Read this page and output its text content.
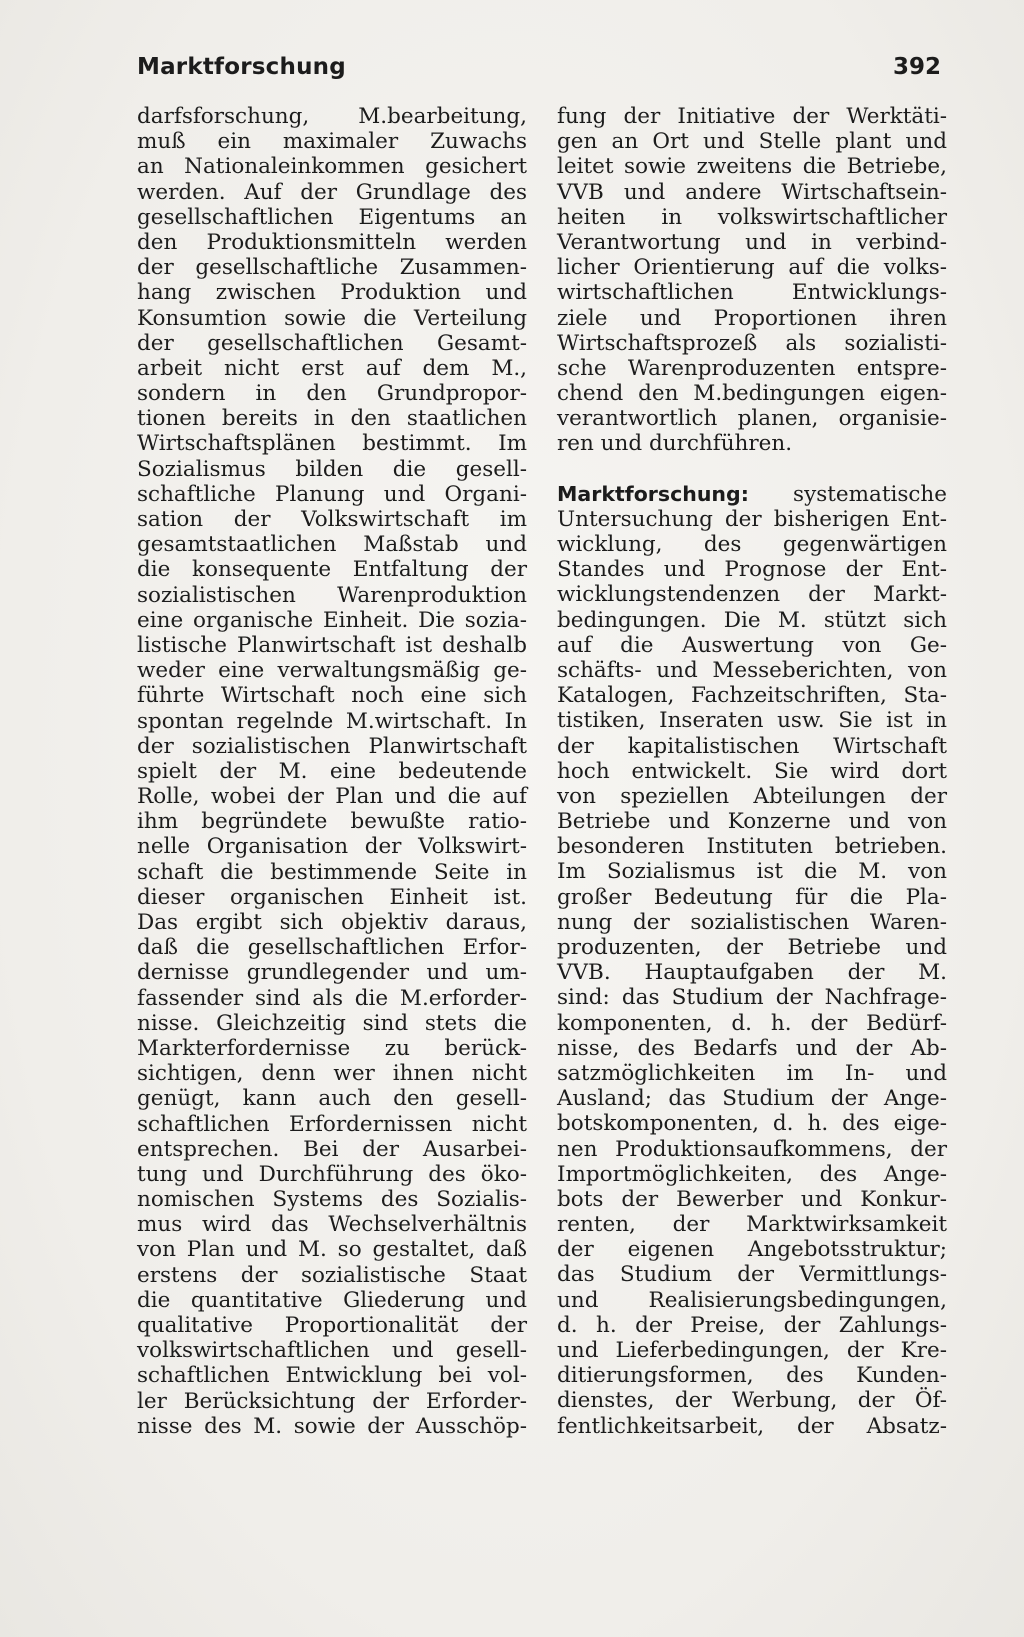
Marktforschung	392
darfsforschung, M.bearbeitung,
muß ein maximaler Zuwachs
an Nationaleinkommen gesichert
werden. Auf der Grundlage des
gesellschaftlichen Eigentums an
den Produktionsmitteln werden
der gesellschaftliche Zusammen-
hang zwischen Produktion und
Konsumtion sowie die Verteilung
der gesellschaftlichen Gesamt-
arbeit nicht erst auf dem M.,
sondern in den Grundpropor-
tionen bereits in den staatlichen
Wirtschaftsplänen bestimmt. Im
Sozialismus bilden die gesell-
schaftliche Planung und Organi-
sation der Volkswirtschaft im
gesamtstaatlichen Maßstab und
die konsequente Entfaltung der
sozialistischen Warenproduktion
eine organische Einheit. Die sozia-
listische Planwirtschaft ist deshalb
weder eine verwaltungsmäßig ge-
führte Wirtschaft noch eine sich
spontan regelnde M.wirtschaft. In
der sozialistischen Planwirtschaft
spielt der M. eine bedeutende
Rolle, wobei der Plan und die auf
ihm begründete bewußte ratio-
nelle Organisation der Volkswirt-
schaft die bestimmende Seite in
dieser organischen Einheit ist.
Das ergibt sich objektiv daraus,
daß die gesellschaftlichen Erfor-
dernisse grundlegender und um-
fassender sind als die M.erforder-
nisse. Gleichzeitig sind stets die
Markterfordernisse zu berück-
sichtigen, denn wer ihnen nicht
genügt, kann auch den gesell-
schaftlichen Erfordernissen nicht
entsprechen. Bei der Ausarbei-
tung und Durchführung des öko-
nomischen Systems des Sozialis-
mus wird das Wechselverhältnis
von Plan und M. so gestaltet, daß
erstens der sozialistische Staat
die quantitative Gliederung und
qualitative Proportionalität der
volkswirtschaftlichen und gesell-
schaftlichen Entwicklung bei vol-
ler Berücksichtung der Erforder-
nisse des M. sowie der Ausschöp-
fung der Initiative der Werktäti-
gen an Ort und Stelle plant und
leitet sowie zweitens die Betriebe,
VVB und andere Wirtschaftsein-
heiten in volkswirtschaftlicher
Verantwortung und in verbind-
licher Orientierung auf die volks-
wirtschaftlichen Entwicklungs-
ziele und Proportionen ihren
Wirtschaftsprozeß als sozialisti-
sche Warenproduzenten entspre-
chend den M.bedingungen eigen-
verantwortlich planen, organisie-
ren und durchführen.
Marktforschung: systematische
Untersuchung der bisherigen Ent-
wicklung, des gegenwärtigen
Standes und Prognose der Ent-
wicklungstendenzen der Markt-
bedingungen. Die M. stützt sich
auf die Auswertung von Ge-
schäfts- und Messeberichten, von
Katalogen, Fachzeitschriften, Sta-
tistiken, Inseraten usw. Sie ist in
der kapitalistischen Wirtschaft
hoch entwickelt. Sie wird dort
von speziellen Abteilungen der
Betriebe und Konzerne und von
besonderen Instituten betrieben.
Im Sozialismus ist die M. von
großer Bedeutung für die Pla-
nung der sozialistischen Waren-
produzenten, der Betriebe und
VVB. Hauptaufgaben der M.
sind: das Studium der Nachfrage-
komponenten, d. h. der Bedürf-
nisse, des Bedarfs und der Ab-
satzmöglichkeiten im In- und
Ausland; das Studium der Ange-
botskomponenten, d. h. des eige-
nen Produktionsaufkommens, der
Importmöglichkeiten, des Ange-
bots der Bewerber und Konkur-
renten, der Marktwirksamkeit
der eigenen Angebotsstruktur;
das Studium der Vermittlungs-
und Realisierungsbedingungen,
d. h. der Preise, der Zahlungs-
und Lieferbedingungen, der Kre-
ditierungsformen, des Kunden-
dienstes, der Werbung, der Öf-
fentlichkeitsarbeit, der Absatz-
